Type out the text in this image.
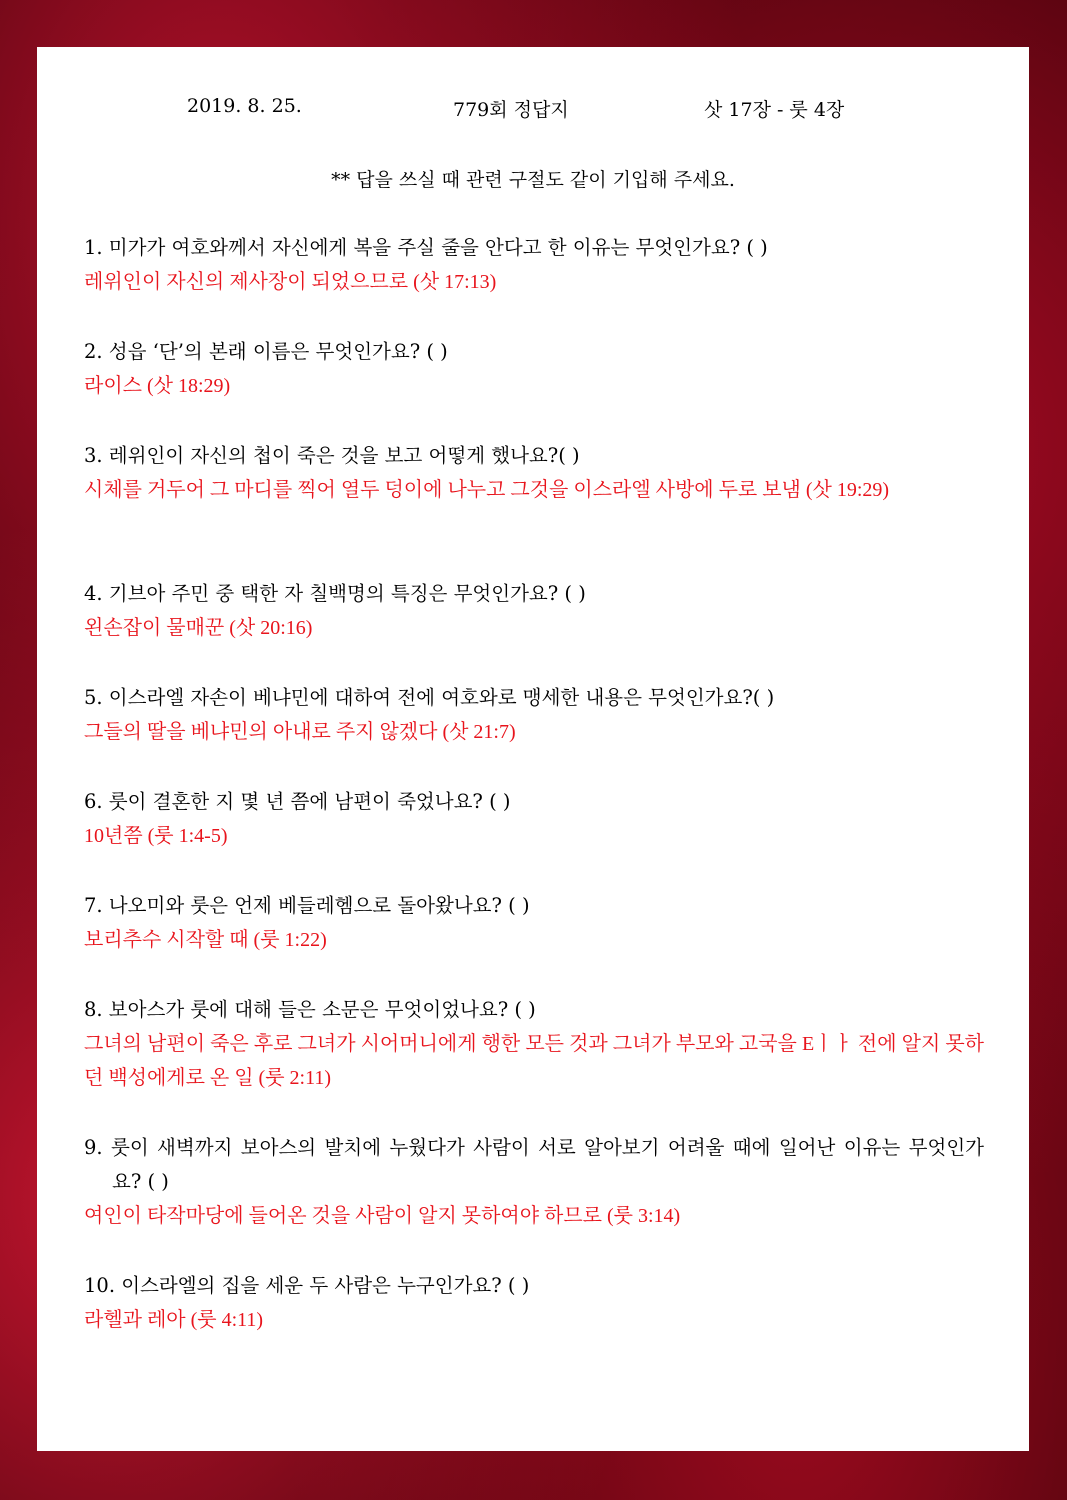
2019. 8. 25.	779회 정답지	삿 17장 - 룻 4장
** 답을 쓰실 때 관련 구절도 같이 기입해 주세요.
1. 미가가 여호와께서 자신에게 복을 주실 줄을 안다고 한 이유는 무엇인가요? ( )
레위인이 자신의 제사장이 되었으므로 (삿 17:13)
2. 성읍 ‘단’의 본래 이름은 무엇인가요? ( )
라이스 (삿 18:29)
3. 레위인이 자신의 첩이 죽은 것을 보고 어떻게 했나요?( )
시체를 거두어 그 마디를 찍어 열두 덩이에 나누고 그것을 이스라엘 사방에 두로 보냄 (삿 19:29)
4. 기브아 주민 중 택한 자 칠백명의 특징은 무엇인가요? ( )
왼손잡이 물매꾼 (삿 20:16)
5. 이스라엘 자손이 베냐민에 대하여 전에 여호와로 맹세한 내용은 무엇인가요?( )
그들의 딸을 베냐민의 아내로 주지 않겠다 (삿 21:7)
6. 룻이 결혼한 지 몇 년 쯤에 남편이 죽었나요? ( )
10년쯤 (룻 1:4-5)
7. 나오미와 룻은 언제 베들레헴으로 돌아왔나요? ( )
보리추수 시작할 때 (룻 1:22)
8. 보아스가 룻에 대해 들은 소문은 무엇이었나요? ( )
그녀의 남편이 죽은 후로 그녀가 시어머니에게 행한 모든 것과 그녀가 부모와 고국을 Eㅣㅏ 전에 알지 못하던 백성에게로 온 일 (룻 2:11)
9. 룻이 새벽까지 보아스의 발치에 누웠다가 사람이 서로 알아보기 어려울 때에 일어난 이유는 무엇인가요? ( )
여인이 타작마당에 들어온 것을 사람이 알지 못하여야 하므로 (룻 3:14)
10. 이스라엘의 집을 세운 두 사람은 누구인가요? ( )
라헬과 레아 (룻 4:11)
